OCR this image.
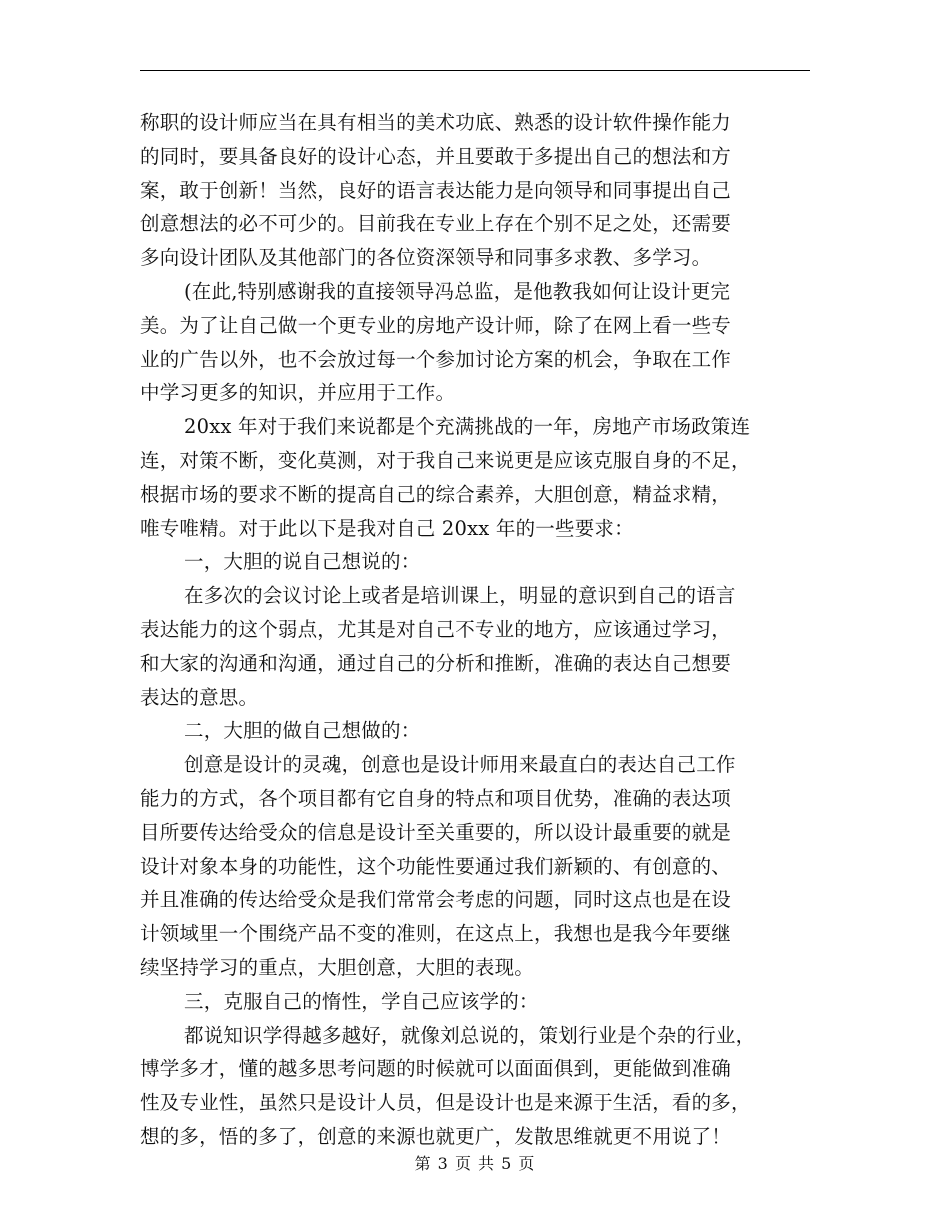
称职的设计师应当在具有相当的美术功底、熟悉的设计软件操作能力
的同时，要具备良好的设计心态，并且要敢于多提出自己的想法和方
案，敢于创新！当然，良好的语言表达能力是向领导和同事提出自己
创意想法的必不可少的。目前我在专业上存在个别不足之处，还需要
多向设计团队及其他部门的各位资深领导和同事多求教、多学习。
(在此,特别感谢我的直接领导冯总监，是他教我如何让设计更完
美。为了让自己做一个更专业的房地产设计师，除了在网上看一些专
业的广告以外，也不会放过每一个参加讨论方案的机会，争取在工作
中学习更多的知识，并应用于工作。
20xx 年对于我们来说都是个充满挑战的一年，房地产市场政策连
连，对策不断，变化莫测，对于我自己来说更是应该克服自身的不足，
根据市场的要求不断的提高自己的综合素养，大胆创意，精益求精，
唯专唯精。对于此以下是我对自己 20xx 年的一些要求：
一，大胆的说自己想说的：
在多次的会议讨论上或者是培训课上，明显的意识到自己的语言
表达能力的这个弱点，尤其是对自己不专业的地方，应该通过学习，
和大家的沟通和沟通，通过自己的分析和推断，准确的表达自己想要
表达的意思。
二，大胆的做自己想做的：
创意是设计的灵魂，创意也是设计师用来最直白的表达自己工作
能力的方式，各个项目都有它自身的特点和项目优势，准确的表达项
目所要传达给受众的信息是设计至关重要的，所以设计最重要的就是
设计对象本身的功能性，这个功能性要通过我们新颖的、有创意的、
并且准确的传达给受众是我们常常会考虑的问题，同时这点也是在设
计领域里一个围绕产品不变的准则，在这点上，我想也是我今年要继
续坚持学习的重点，大胆创意，大胆的表现。
三，克服自己的惰性，学自己应该学的：
都说知识学得越多越好，就像刘总说的，策划行业是个杂的行业，
博学多才，懂的越多思考问题的时候就可以面面俱到，更能做到准确
性及专业性，虽然只是设计人员，但是设计也是来源于生活，看的多，
想的多，悟的多了，创意的来源也就更广，发散思维就更不用说了！
第 3 页 共 5 页
